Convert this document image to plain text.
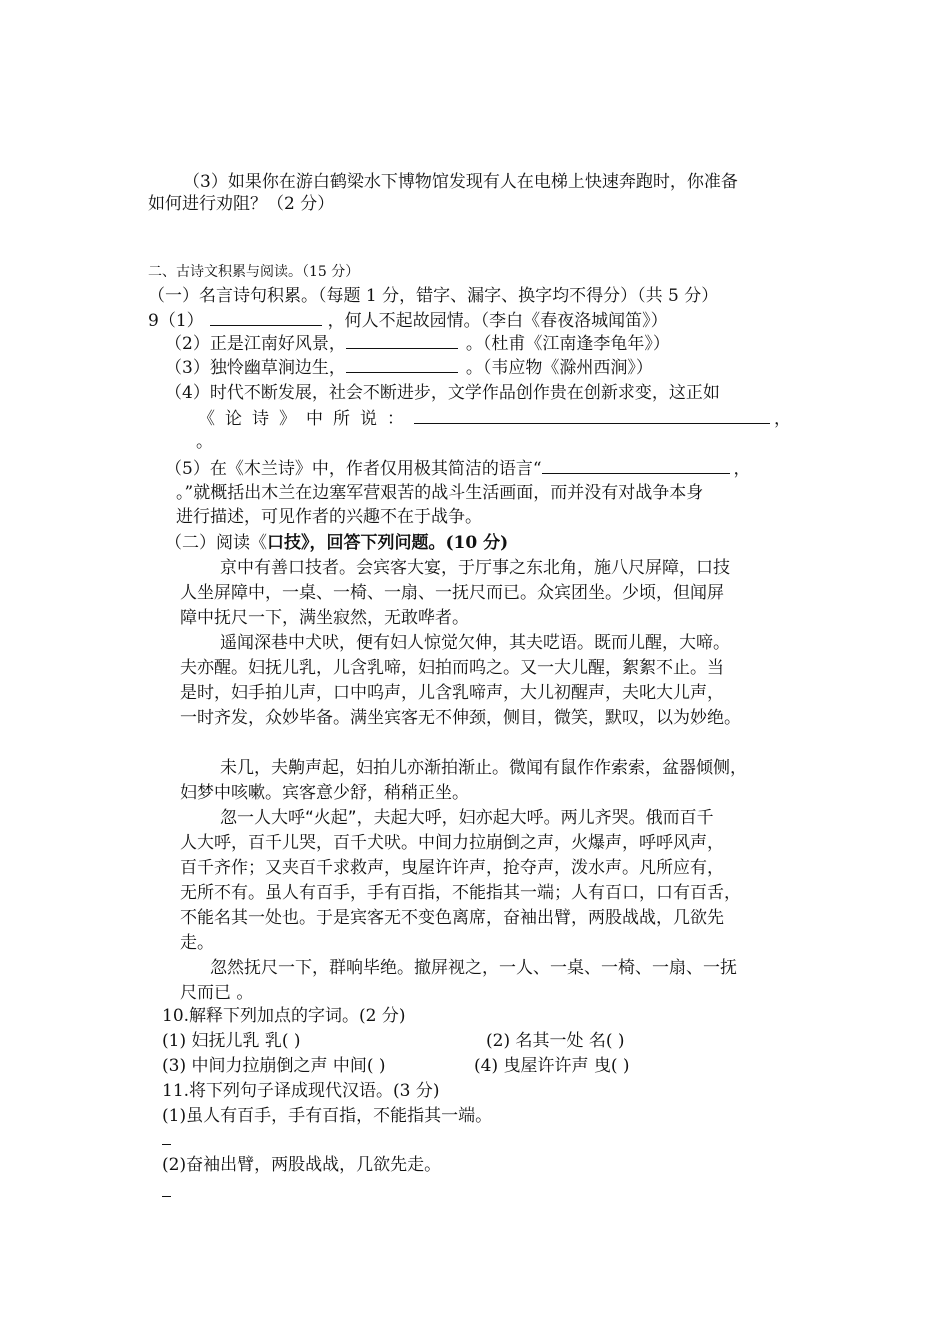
（3）如果你在游白鹤梁水下博物馆发现有人在电梯上快速奔跑时，你准备
如何进行劝阻？（2 分）
二、古诗文积累与阅读。（15 分）
（一）名言诗句积累。（每题 1 分，错字、漏字、换字均不得分）（共 5 分）
9（1）	，何人不起故园情。（李白《春夜洛城闻笛》）
（2）正是江南好风景，	。（杜甫《江南逢李龟年》）
（3）独怜幽草涧边生，	。（韦应物《滁州西涧》）
（4）时代不断发展，社会不断进步，文学作品创作贵在创新求变，这正如
《论诗》中所说：	，
。
（5）在《木兰诗》中，作者仅用极其简洁的语言“	，
。”就概括出木兰在边塞军营艰苦的战斗生活画面，而并没有对战争本身
进行描述，可见作者的兴趣不在于战争。
（二）阅读《口技》，回答下列问题。(10 分)
京中有善口技者。会宾客大宴，于厅事之东北角，施八尺屏障，口技
人坐屏障中，一桌、一椅、一扇、一抚尺而已。众宾团坐。少顷，但闻屏
障中抚尺一下，满坐寂然，无敢哗者。
遥闻深巷中犬吠，便有妇人惊觉欠伸，其夫呓语。既而儿醒，大啼。
夫亦醒。妇抚儿乳，儿含乳啼，妇拍而呜之。又一大儿醒，絮絮不止。当
是时，妇手拍儿声，口中呜声，儿含乳啼声，大儿初醒声，夫叱大儿声，
一时齐发，众妙毕备。满坐宾客无不伸颈，侧目，微笑，默叹，以为妙绝。
未几，夫齁声起，妇拍儿亦渐拍渐止。微闻有鼠作作索索，盆器倾侧，
妇梦中咳嗽。宾客意少舒，稍稍正坐。
忽一人大呼“火起”，夫起大呼，妇亦起大呼。两儿齐哭。俄而百千
人大呼，百千儿哭，百千犬吠。中间力拉崩倒之声，火爆声，呼呼风声，
百千齐作；又夹百千求救声，曳屋许许声，抢夺声，泼水声。凡所应有，
无所不有。虽人有百手，手有百指，不能指其一端；人有百口，口有百舌，
不能名其一处也。于是宾客无不变色离席，奋袖出臂，两股战战，几欲先
走。
忽然抚尺一下，群响毕绝。撤屏视之，一人、一桌、一椅、一扇、一抚
尺而已 。
10.解释下列加点的字词。(2 分)
(1) 妇抚儿乳 乳( )	(2) 名其一处 名( )
(3) 中间力拉崩倒之声 中间( )	(4) 曳屋许许声 曳( )
11.将下列句子译成现代汉语。(3 分)
(1)虽人有百手，手有百指，不能指其一端。
(2)奋袖出臂，两股战战，几欲先走。
